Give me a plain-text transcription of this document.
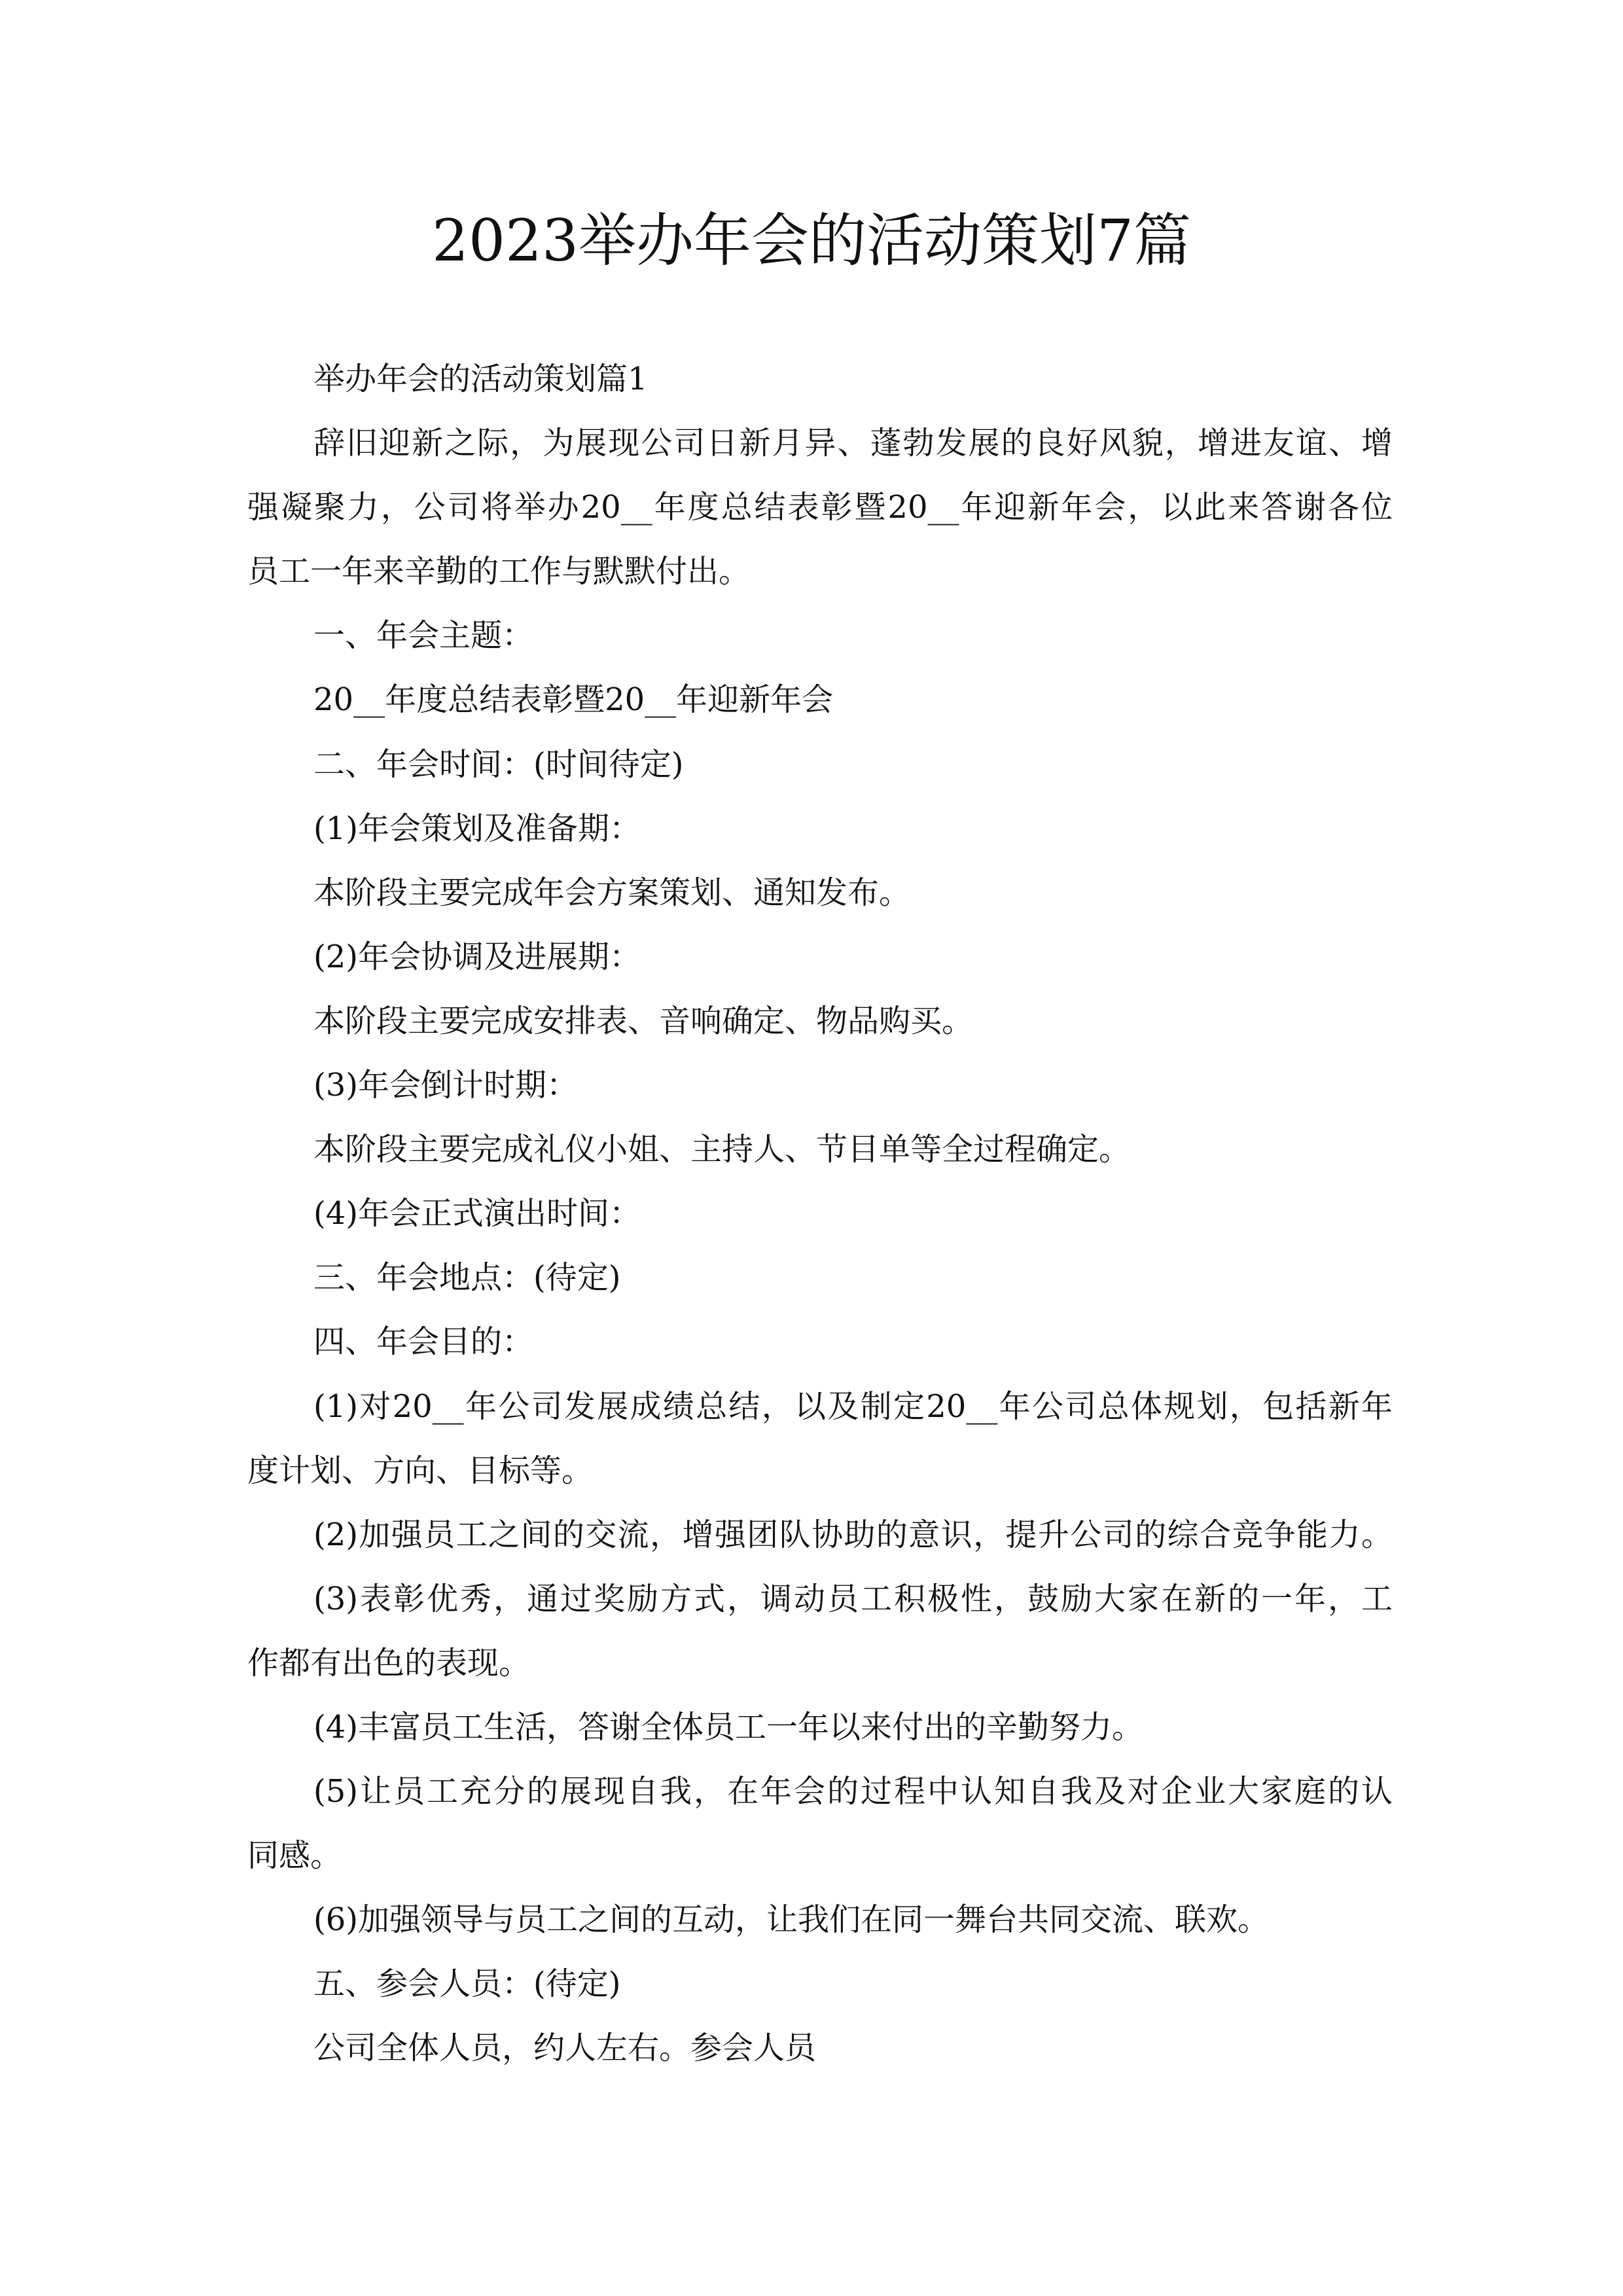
2023举办年会的活动策划7篇
举办年会的活动策划篇1
辞旧迎新之际，为展现公司日新月异、蓬勃发展的良好风貌，增进友谊、增
强凝聚力，公司将举办20__年度总结表彰暨20__年迎新年会，以此来答谢各位
员工一年来辛勤的工作与默默付出。
一、年会主题：
20__年度总结表彰暨20__年迎新年会
二、年会时间：(时间待定)
(1)年会策划及准备期：
本阶段主要完成年会方案策划、通知发布。
(2)年会协调及进展期：
本阶段主要完成安排表、音响确定、物品购买。
(3)年会倒计时期：
本阶段主要完成礼仪小姐、主持人、节目单等全过程确定。
(4)年会正式演出时间：
三、年会地点：(待定)
四、年会目的：
(1)对20__年公司发展成绩总结，以及制定20__年公司总体规划，包括新年
度计划、方向、目标等。
(2)加强员工之间的交流，增强团队协助的意识，提升公司的综合竞争能力。
(3)表彰优秀，通过奖励方式，调动员工积极性，鼓励大家在新的一年，工
作都有出色的表现。
(4)丰富员工生活，答谢全体员工一年以来付出的辛勤努力。
(5)让员工充分的展现自我，在年会的过程中认知自我及对企业大家庭的认
同感。
(6)加强领导与员工之间的互动，让我们在同一舞台共同交流、联欢。
五、参会人员：(待定)
公司全体人员，约人左右。参会人员
